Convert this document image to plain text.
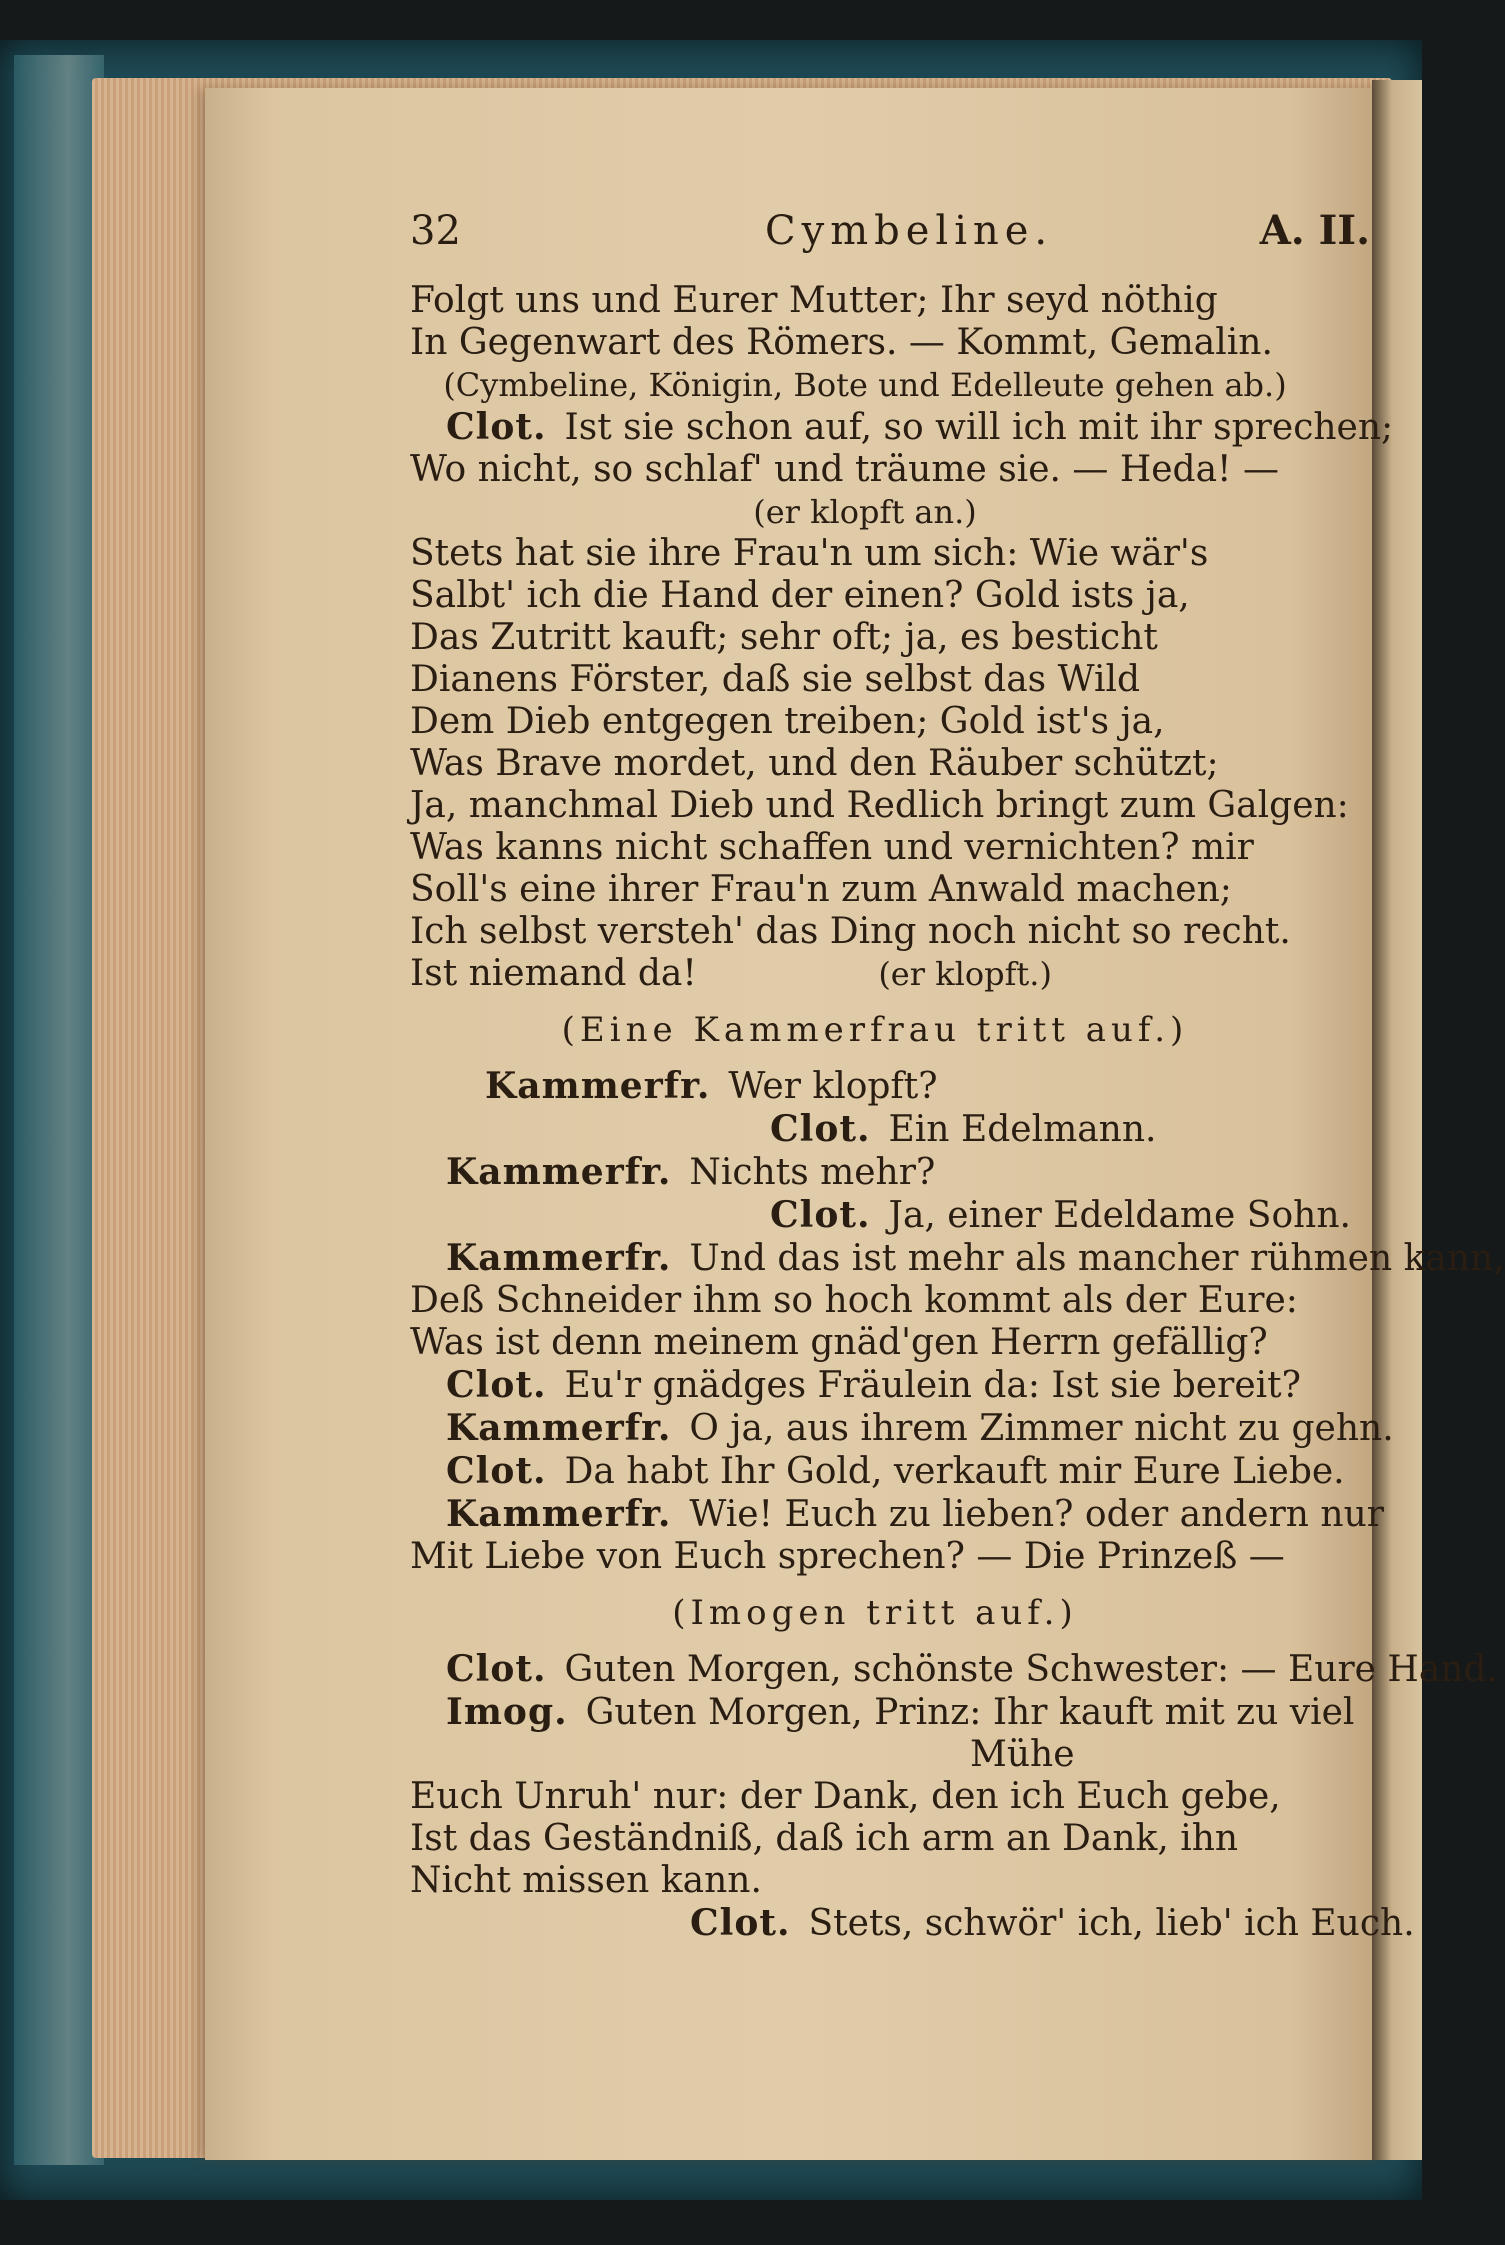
32	Cymbeline.	A. II.
Folgt uns und Eurer Mutter; Ihr seyd nöthig
In Gegenwart des Römers. — Kommt, Gemalin.
(Cymbeline, Königin, Bote und Edelleute gehen ab.)
Clot. Ist sie schon auf, so will ich mit ihr sprechen;
Wo nicht, so schlaf' und träume sie. — Heda! —
(er klopft an.)
Stets hat sie ihre Frau'n um sich: Wie wär's
Salbt' ich die Hand der einen? Gold ists ja,
Das Zutritt kauft; sehr oft; ja, es besticht
Dianens Förster, daß sie selbst das Wild
Dem Dieb entgegen treiben; Gold ist's ja,
Was Brave mordet, und den Räuber schützt;
Ja, manchmal Dieb und Redlich bringt zum Galgen:
Was kanns nicht schaffen und vernichten? mir
Soll's eine ihrer Frau'n zum Anwald machen;
Ich selbst versteh' das Ding noch nicht so recht.
Ist niemand da!	(er klopft.)
(Eine Kammerfrau tritt auf.)
Kammerfr. Wer klopft?
Clot. Ein Edelmann.
Kammerfr. Nichts mehr?
Clot. Ja, einer Edeldame Sohn.
Kammerfr. Und das ist mehr als mancher rühmen kann,
Deß Schneider ihm so hoch kommt als der Eure:
Was ist denn meinem gnäd'gen Herrn gefällig?
Clot. Eu'r gnädges Fräulein da: Ist sie bereit?
Kammerfr. O ja, aus ihrem Zimmer nicht zu gehn.
Clot. Da habt Ihr Gold, verkauft mir Eure Liebe.
Kammerfr. Wie! Euch zu lieben? oder andern nur
Mit Liebe von Euch sprechen? — Die Prinzeß —
(Imogen tritt auf.)
Clot. Guten Morgen, schönste Schwester: — Eure Hand.
Imog. Guten Morgen, Prinz: Ihr kauft mit zu viel
Mühe
Euch Unruh' nur: der Dank, den ich Euch gebe,
Ist das Geständniß, daß ich arm an Dank, ihn
Nicht missen kann.
Clot. Stets, schwör' ich, lieb' ich Euch.
